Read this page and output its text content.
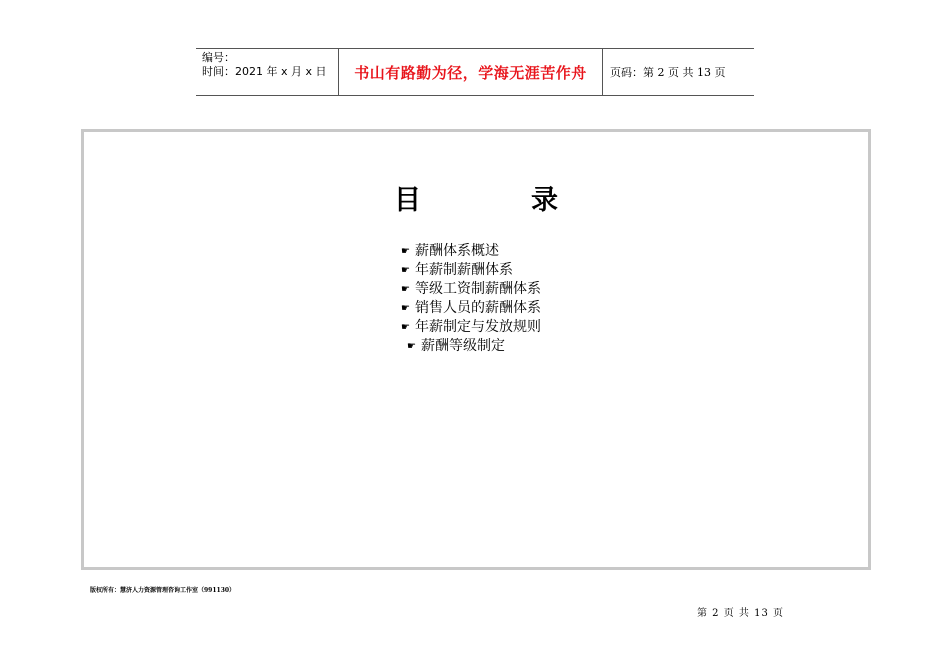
编号：
时间：2021 年 x 月 x 日	书山有路勤为径，学海无涯苦作舟	页码：第 2 页 共 13 页
目	录
☛ 薪酬体系概述
☛ 年薪制薪酬体系
☛ 等级工资制薪酬体系
☛ 销售人员的薪酬体系
☛ 年薪制定与发放规则
☛ 薪酬等级制定
版权所有：慧济人力资源管理咨询工作室（991130）
第 2 页 共 13 页
